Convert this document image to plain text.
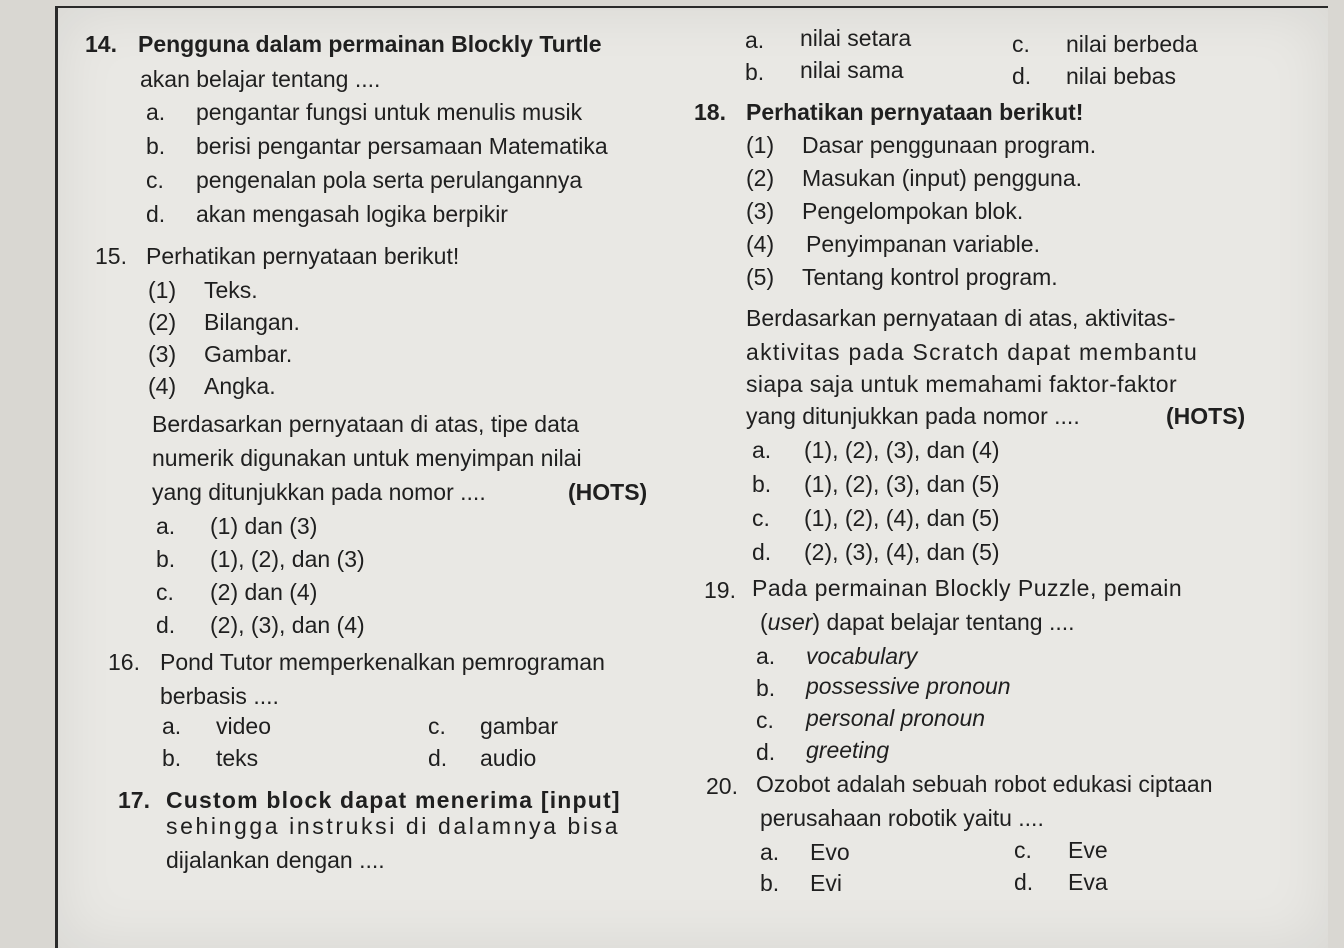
14. Pengguna dalam permainan Blockly Turtle
akan belajar tentang ....
a. pengantar fungsi untuk menulis musik
b. berisi pengantar persamaan Matematika
c. pengenalan pola serta perulangannya
d. akan mengasah logika berpikir
15. Perhatikan pernyataan berikut!
(1) Teks.
(2) Bilangan.
(3) Gambar.
(4) Angka.
Berdasarkan pernyataan di atas, tipe data
numerik digunakan untuk menyimpan nilai
yang ditunjukkan pada nomor ....	(HOTS)
a. (1) dan (3)
b. (1), (2), dan (3)
c. (2) dan (4)
d. (2), (3), dan (4)
16. Pond Tutor memperkenalkan pemrograman
berbasis ....
a. video
b. teks
c. gambar
d. audio
17. Custom block dapat menerima [input]
sehingga instruksi di dalamnya bisa
dijalankan dengan ....
a. nilai setara
b. nilai sama
c. nilai berbeda
d. nilai bebas
18. Perhatikan pernyataan berikut!
(1) Dasar penggunaan program.
(2) Masukan (input) pengguna.
(3) Pengelompokan blok.
(4) Penyimpanan variable.
(5) Tentang kontrol program.
Berdasarkan pernyataan di atas, aktivitas-
aktivitas pada Scratch dapat membantu
siapa saja untuk memahami faktor-faktor
yang ditunjukkan pada nomor ....	(HOTS)
a. (1), (2), (3), dan (4)
b. (1), (2), (3), dan (5)
c. (1), (2), (4), dan (5)
d. (2), (3), (4), dan (5)
19. Pada permainan Blockly Puzzle, pemain
(user) dapat belajar tentang ....
a. vocabulary
b. possessive pronoun
c. personal pronoun
d. greeting
20. Ozobot adalah sebuah robot edukasi ciptaan
perusahaan robotik yaitu ....
a. Evo
b. Evi
c. Eve
d. Eva
